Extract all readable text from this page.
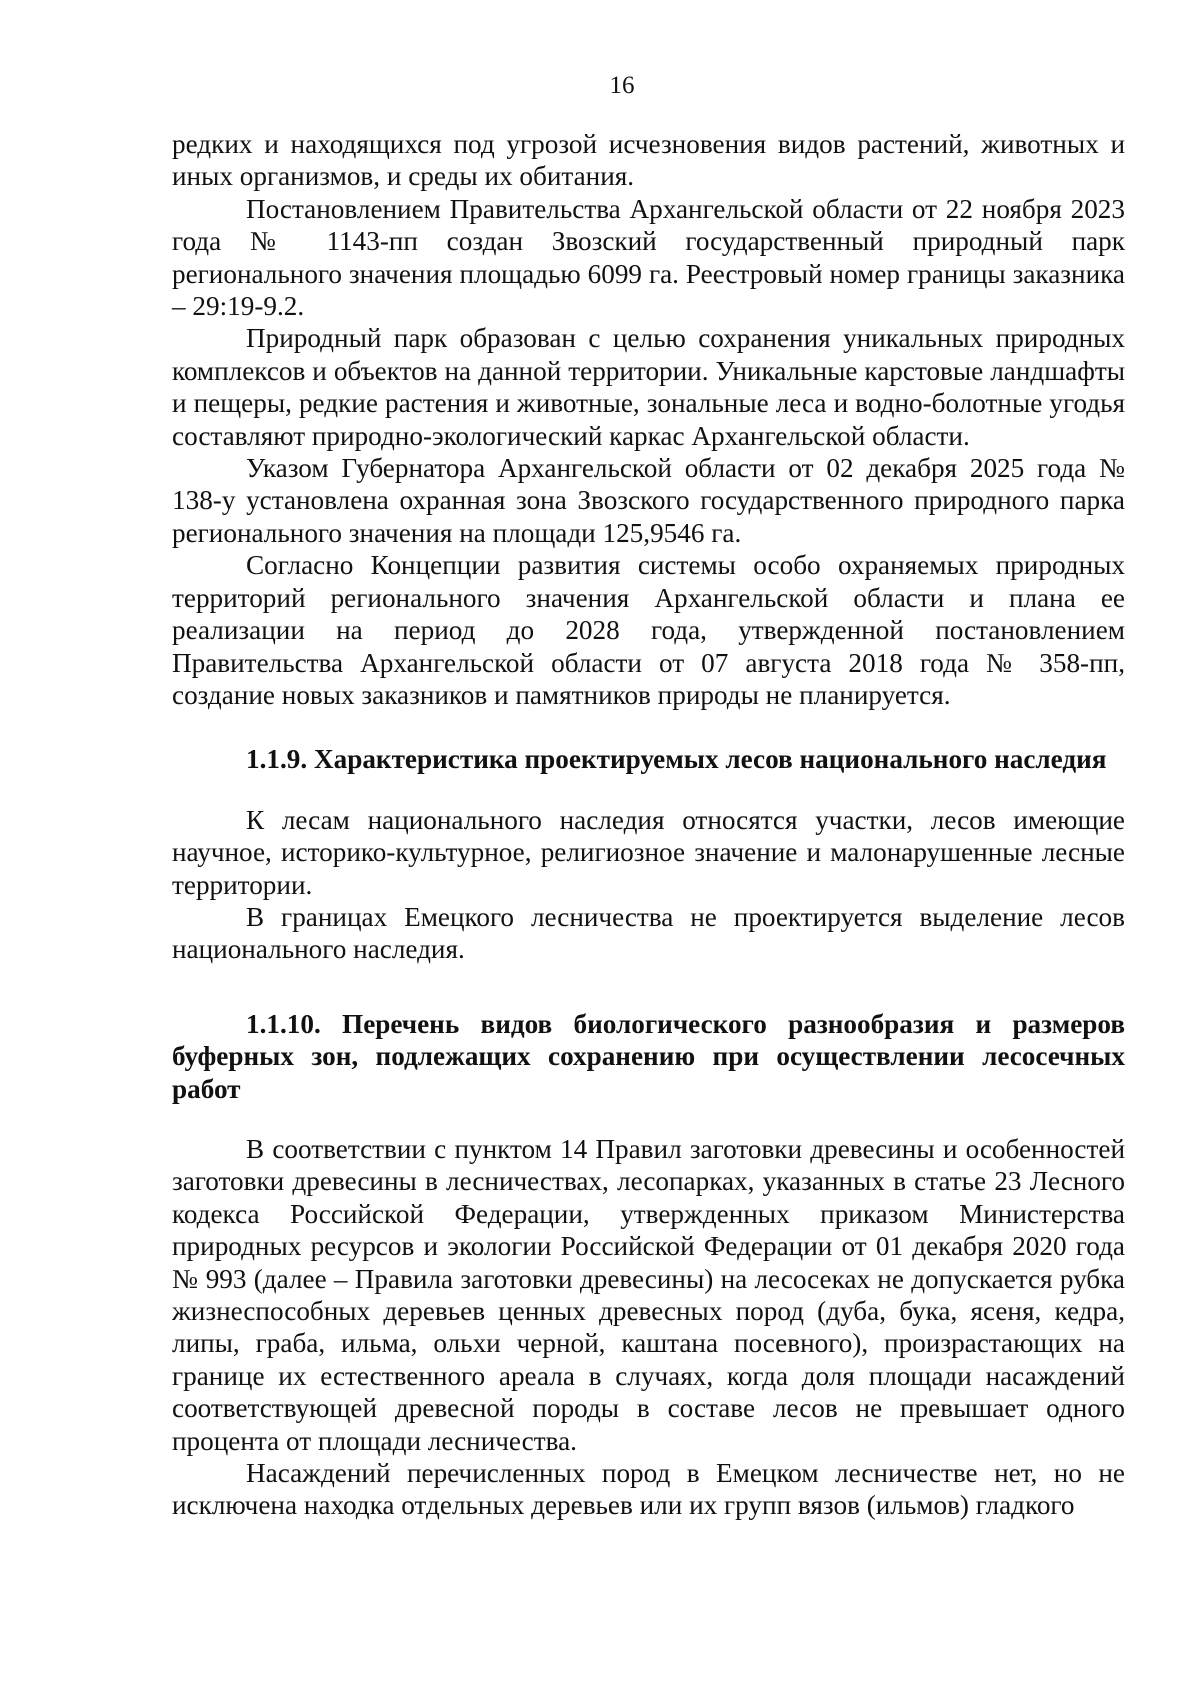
16

редких и находящихся под угрозой исчезновения видов растений, животных и иных организмов, и среды их обитания.

Постановлением Правительства Архангельской области от 22 ноября 2023 года № 1143-пп создан Звозский государственный природный парк регионального значения площадью 6099 га. Реестровый номер границы заказника – 29:19-9.2.

Природный парк образован с целью сохранения уникальных природных комплексов и объектов на данной территории. Уникальные карстовые ландшафты и пещеры, редкие растения и животные, зональные леса и водно-болотные угодья составляют природно-экологический каркас Архангельской области.

Указом Губернатора Архангельской области от 02 декабря 2025 года № 138-у установлена охранная зона Звозского государственного природного парка регионального значения на площади 125,9546 га.

Согласно Концепции развития системы особо охраняемых природных территорий регионального значения Архангельской области и плана ее реализации на период до 2028 года, утвержденной постановлением Правительства Архангельской области от 07 августа 2018 года № 358-пп, создание новых заказников и памятников природы не планируется.

1.1.9. Характеристика проектируемых лесов национального наследия

К лесам национального наследия относятся участки, лесов имеющие научное, историко-культурное, религиозное значение и малонарушенные лесные территории.

В границах Емецкого лесничества не проектируется выделение лесов национального наследия.

1.1.10. Перечень видов биологического разнообразия и размеров буферных зон, подлежащих сохранению при осуществлении лесосечных работ

В соответствии с пунктом 14 Правил заготовки древесины и особенностей заготовки древесины в лесничествах, лесопарках, указанных в статье 23 Лесного кодекса Российской Федерации, утвержденных приказом Министерства природных ресурсов и экологии Российской Федерации от 01 декабря 2020 года № 993 (далее – Правила заготовки древесины) на лесосеках не допускается рубка жизнеспособных деревьев ценных древесных пород (дуба, бука, ясеня, кедра, липы, граба, ильма, ольхи черной, каштана посевного), произрастающих на границе их естественного ареала в случаях, когда доля площади насаждений соответствующей древесной породы в составе лесов не превышает одного процента от площади лесничества.

Насаждений перечисленных пород в Емецком лесничестве нет, но не исключена находка отдельных деревьев или их групп вязов (ильмов) гладкого
